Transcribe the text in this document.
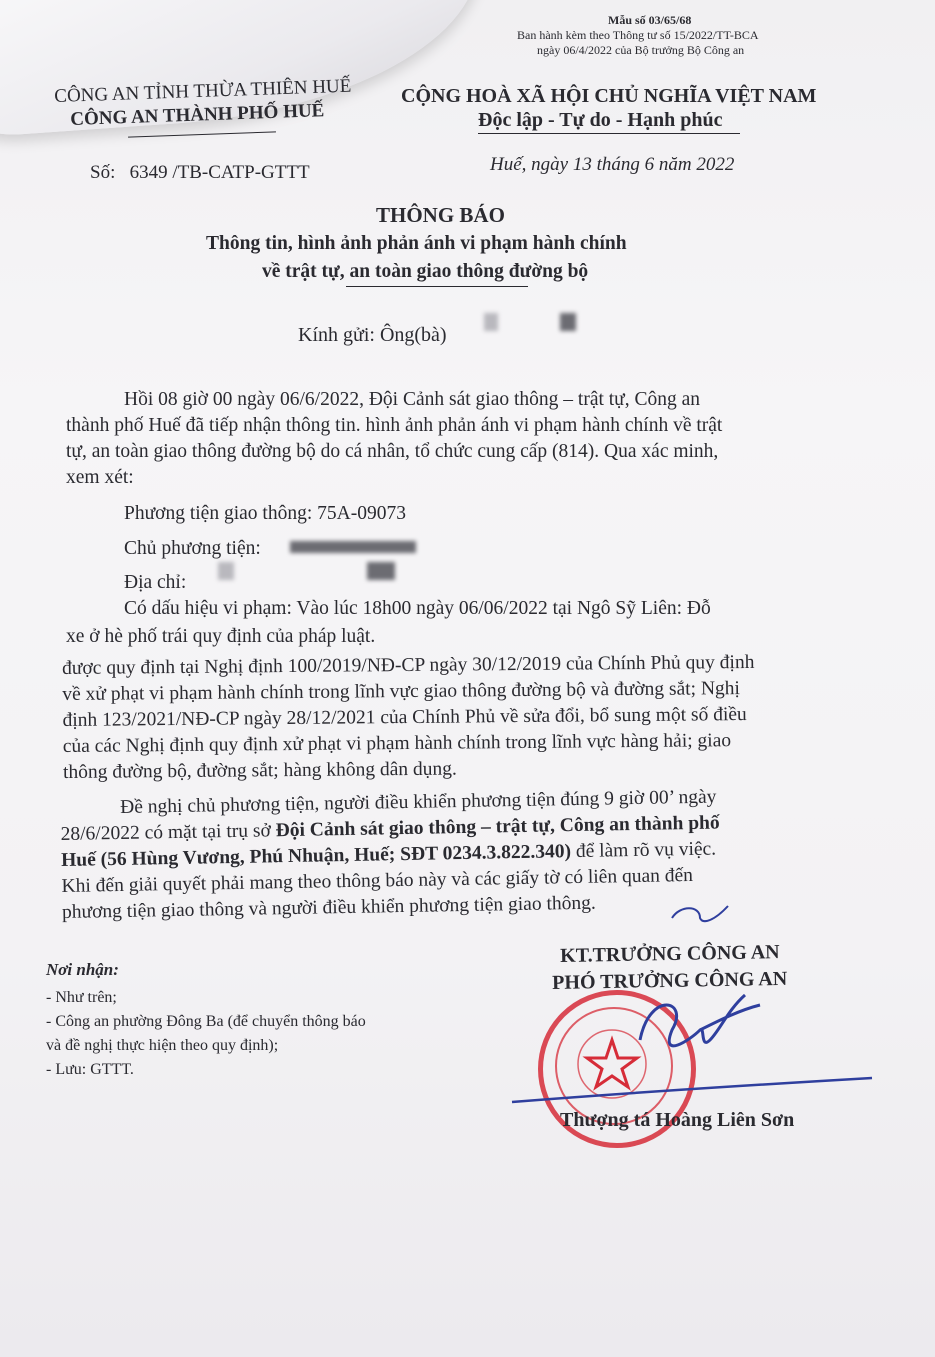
Mẫu số 03/65/68
Ban hành kèm theo Thông tư số 15/2022/TT-BCA
ngày 06/4/2022 của Bộ trưởng Bộ Công an
CÔNG AN TỈNH THỪA THIÊN HUẾ
CÔNG AN THÀNH PHỐ HUẾ
Số: 6349 /TB-CATP-GTTT
CỘNG HOÀ XÃ HỘI CHỦ NGHĨA VIỆT NAM
Độc lập - Tự do - Hạnh phúc
Huế, ngày 13 tháng 6 năm 2022
THÔNG BÁO
Thông tin, hình ảnh phản ánh vi phạm hành chính
về trật tự, an toàn giao thông đường bộ
Kính gửi: Ông(bà)
Hồi 08 giờ 00 ngày 06/6/2022, Đội Cảnh sát giao thông – trật tự, Công an
thành phố Huế đã tiếp nhận thông tin. hình ảnh phản ánh vi phạm hành chính về trật
tự, an toàn giao thông đường bộ do cá nhân, tổ chức cung cấp (814). Qua xác minh,
xem xét:
Phương tiện giao thông: 75A-09073
Chủ phương tiện:
Địa chỉ:
Có dấu hiệu vi phạm: Vào lúc 18h00 ngày 06/06/2022 tại Ngô Sỹ Liên: Đỗ
xe ở hè phố trái quy định của pháp luật.
được quy định tại Nghị định 100/2019/NĐ-CP ngày 30/12/2019 của Chính Phủ quy định
về xử phạt vi phạm hành chính trong lĩnh vực giao thông đường bộ và đường sắt; Nghị
định 123/2021/NĐ-CP ngày 28/12/2021 của Chính Phủ về sửa đổi, bổ sung một số điều
của các Nghị định quy định xử phạt vi phạm hành chính trong lĩnh vực hàng hải; giao
thông đường bộ, đường sắt; hàng không dân dụng.
Đề nghị chủ phương tiện, người điều khiển phương tiện đúng 9 giờ 00’ ngày
28/6/2022 có mặt tại trụ sở Đội Cảnh sát giao thông – trật tự, Công an thành phố
Huế (56 Hùng Vương, Phú Nhuận, Huế; SĐT 0234.3.822.340) để làm rõ vụ việc.
Khi đến giải quyết phải mang theo thông báo này và các giấy tờ có liên quan đến
phương tiện giao thông và người điều khiển phương tiện giao thông.
Nơi nhận:
- Như trên;
- Công an phường Đông Ba (để chuyển thông báo
và đề nghị thực hiện theo quy định);
- Lưu: GTTT.
KT.TRƯỞNG CÔNG AN
PHÓ TRƯỞNG CÔNG AN
Thượng tá Hoàng Liên Sơn
